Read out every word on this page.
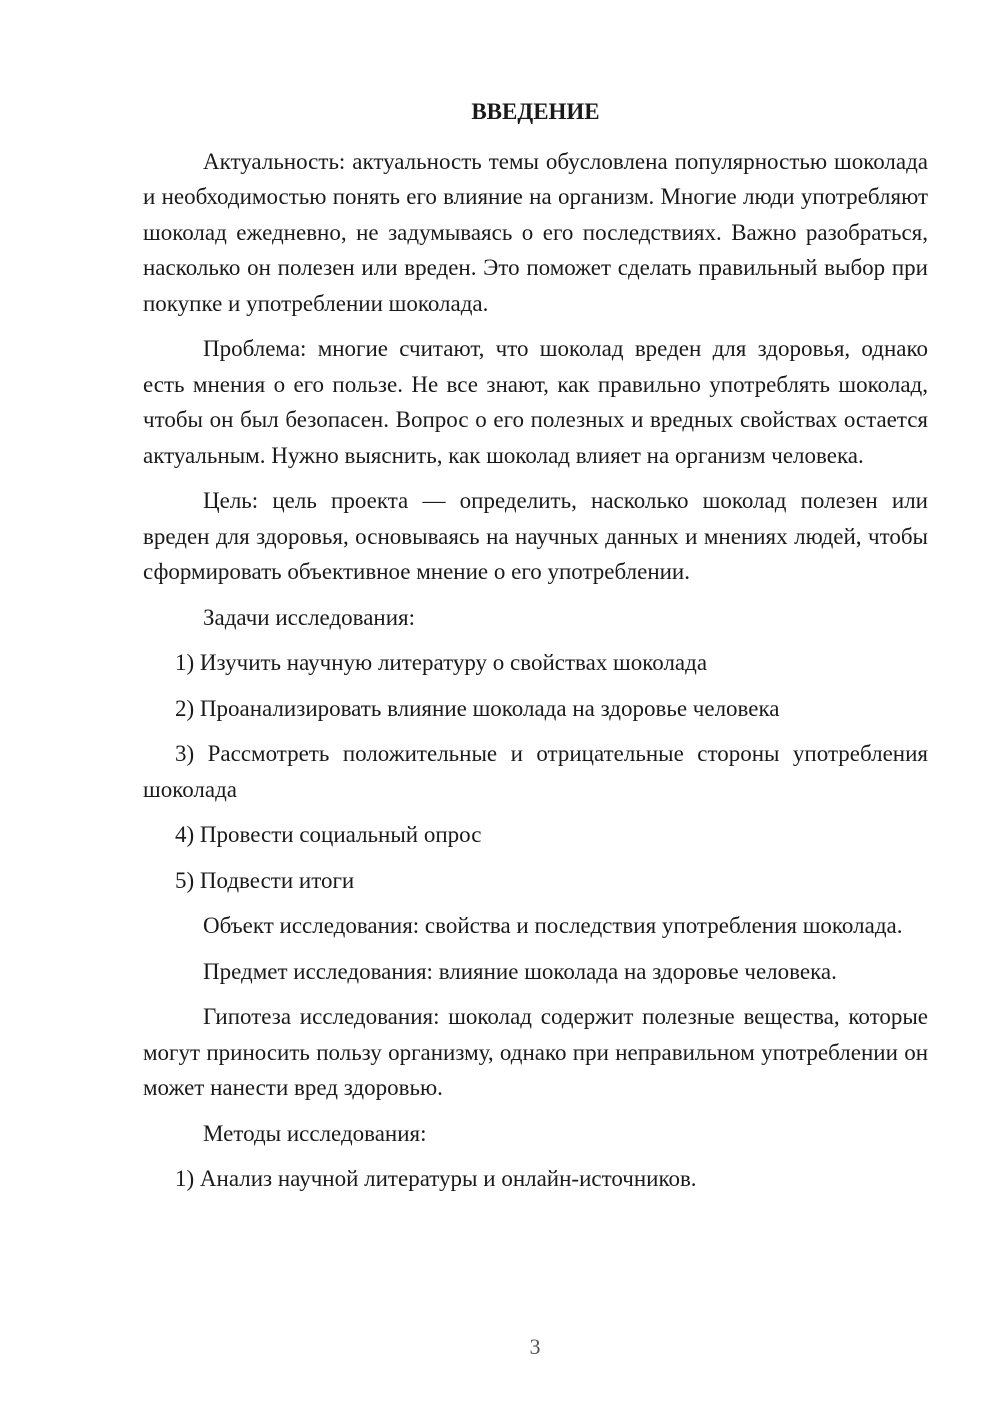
ВВЕДЕНИЕ

Актуальность: актуальность темы обусловлена популярностью шоколада и необходимостью понять его влияние на организм. Многие люди употребляют шоколад ежедневно, не задумываясь о его последствиях. Важно разобраться, насколько он полезен или вреден. Это поможет сделать правильный выбор при покупке и употреблении шоколада.

Проблема: многие считают, что шоколад вреден для здоровья, однако есть мнения о его пользе. Не все знают, как правильно употреблять шоколад, чтобы он был безопасен. Вопрос о его полезных и вредных свойствах остается актуальным. Нужно выяснить, как шоколад влияет на организм человека.

Цель: цель проекта — определить, насколько шоколад полезен или вреден для здоровья, основываясь на научных данных и мнениях людей, чтобы сформировать объективное мнение о его употреблении.

Задачи исследования:

1) Изучить научную литературу о свойствах шоколада

2) Проанализировать влияние шоколада на здоровье человека

3) Рассмотреть положительные и отрицательные стороны употребления шоколада

4) Провести социальный опрос

5) Подвести итоги

Объект исследования: свойства и последствия употребления шоколада.

Предмет исследования: влияние шоколада на здоровье человека.

Гипотеза исследования: шоколад содержит полезные вещества, которые могут приносить пользу организму, однако при неправильном употреблении он может нанести вред здоровью.

Методы исследования:

1) Анализ научной литературы и онлайн-источников.

3
